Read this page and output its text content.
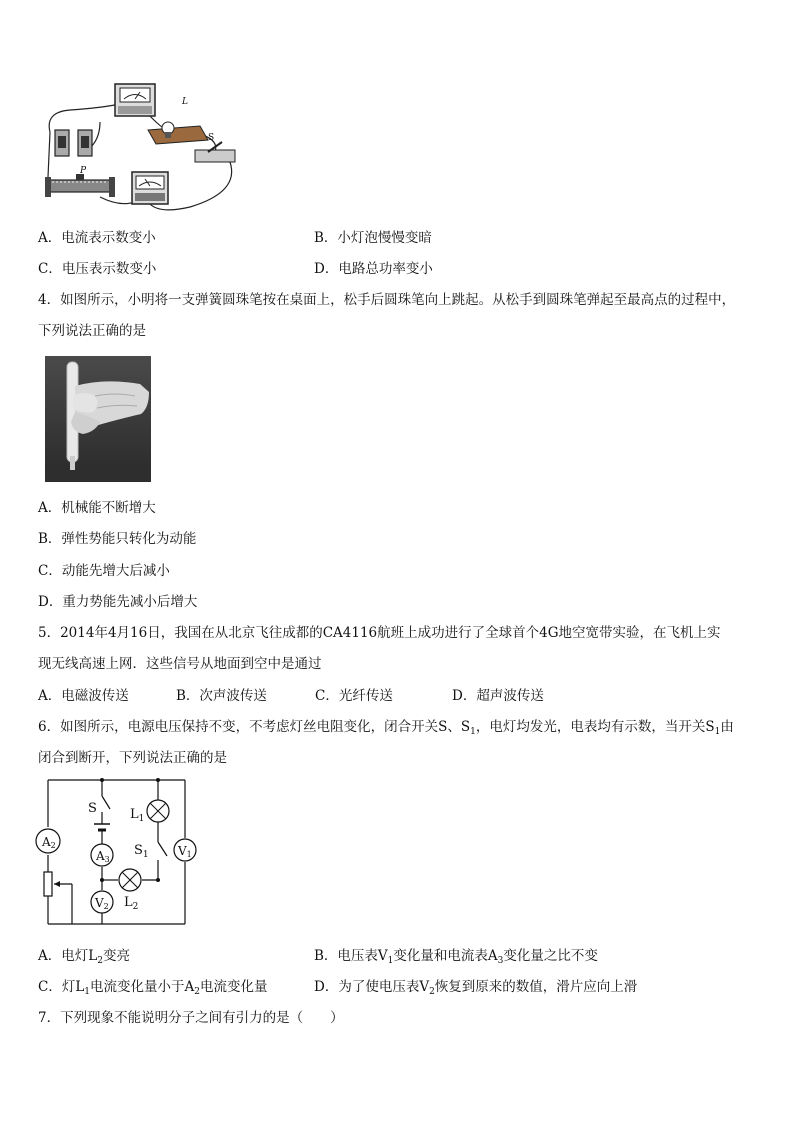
L
S
P
A．电流表示数变小	B．小灯泡慢慢变暗
C．电压表示数变小	D．电路总功率变小
4．如图所示，小明将一支弹簧圆珠笔按在桌面上，松手后圆珠笔向上跳起。从松手到圆珠笔弹起至最高点的过程中，
下列说法正确的是
A．机械能不断增大
B．弹性势能只转化为动能
C．动能先增大后减小
D．重力势能先减小后增大
5．2014年4月16日，我国在从北京飞往成都的CA4116航班上成功进行了全球首个4G地空宽带实验，在飞机上实
现无线高速上网．这些信号从地面到空中是通过
A．电磁波传送	B．次声波传送	C．光纤传送	D．超声波传送
6．如图所示，电源电压保持不变，不考虑灯丝电阻变化，闭合开关S、$S_1$，电灯均发光，电表均有示数，当开关$S_1$由
闭合到断开，下列说法正确的是
A2
A3
V1
V2
S
$S_1$
$L_1$
$L_2$
A．电灯$L_2$变亮	B．电压表$V_1$变化量和电流表$A_3$变化量之比不变
C．灯$L_1$电流变化量小于$A_2$电流变化量	D．为了使电压表$V_2$恢复到原来的数值，滑片应向上滑
7．下列现象不能说明分子之间有引力的是（　　）
